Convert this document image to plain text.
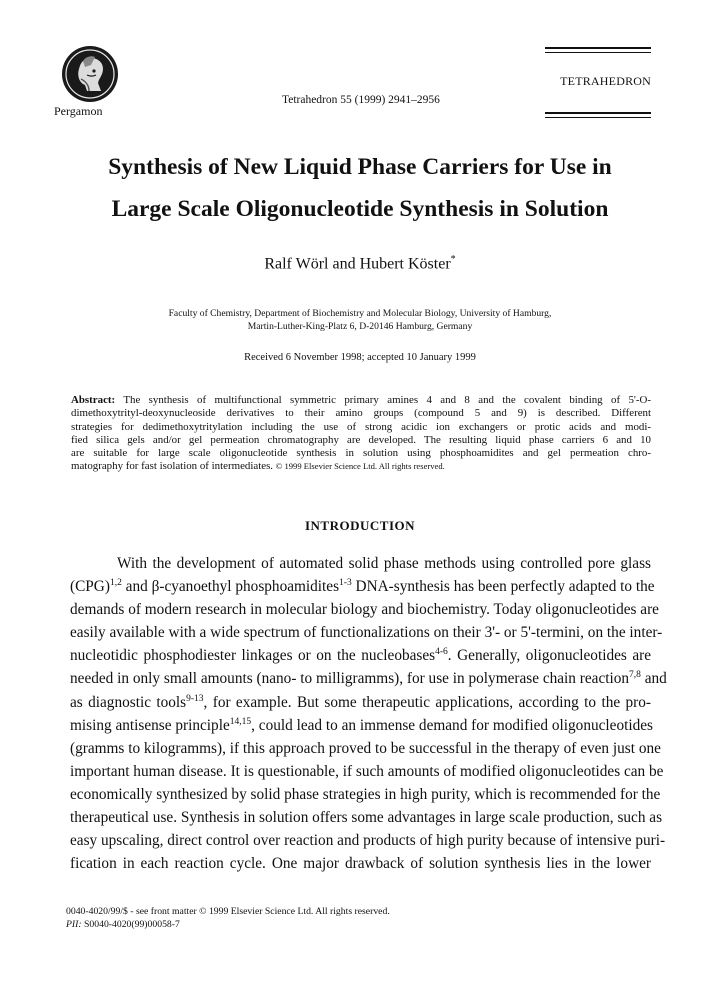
Pergamon
Tetrahedron 55 (1999) 2941–2956
TETRAHEDRON
Synthesis of New Liquid Phase Carriers for Use in
Large Scale Oligonucleotide Synthesis in Solution
Ralf Wörl and Hubert Köster*
Faculty of Chemistry, Department of Biochemistry and Molecular Biology, University of Hamburg,
Martin-Luther-King-Platz 6, D-20146 Hamburg, Germany
Received 6 November 1998; accepted 10 January 1999
Abstract: The synthesis of multifunctional symmetric primary amines 4 and 8 and the covalent binding of 5'-O-
dimethoxytrityl-deoxynucleoside derivatives to their amino groups (compound 5 and 9) is described. Different
strategies for dedimethoxytritylation including the use of strong acidic ion exchangers or protic acids and modi-
fied silica gels and/or gel permeation chromatography are developed. The resulting liquid phase carriers 6 and 10
are suitable for large scale oligonucleotide synthesis in solution using phosphoamidites and gel permeation chro-
matography for fast isolation of intermediates. © 1999 Elsevier Science Ltd. All rights reserved.
INTRODUCTION
With the development of automated solid phase methods using controlled pore glass
(CPG)$^{1,2}$ and β-cyanoethyl phosphoamidites$^{1-3}$ DNA-synthesis has been perfectly adapted to the
demands of modern research in molecular biology and biochemistry. Today oligonucleotides are
easily available with a wide spectrum of functionalizations on their 3'- or 5'-termini, on the inter-
nucleotidic phosphodiester linkages or on the nucleobases$^{4-6}$. Generally, oligonucleotides are
needed in only small amounts (nano- to milligramms), for use in polymerase chain reaction$^{7,8}$ and
as diagnostic tools$^{9-13}$, for example. But some therapeutic applications, according to the pro-
mising antisense principle$^{14,15}$, could lead to an immense demand for modified oligonucleotides
(gramms to kilogramms), if this approach proved to be successful in the therapy of even just one
important human disease. It is questionable, if such amounts of modified oligonucleotides can be
economically synthesized by solid phase strategies in high purity, which is recommended for the
therapeutical use. Synthesis in solution offers some advantages in large scale production, such as
easy upscaling, direct control over reaction and products of high purity because of intensive puri-
fication in each reaction cycle. One major drawback of solution synthesis lies in the lower
0040-4020/99/$ - see front matter © 1999 Elsevier Science Ltd. All rights reserved.
PII: S0040-4020(99)00058-7
